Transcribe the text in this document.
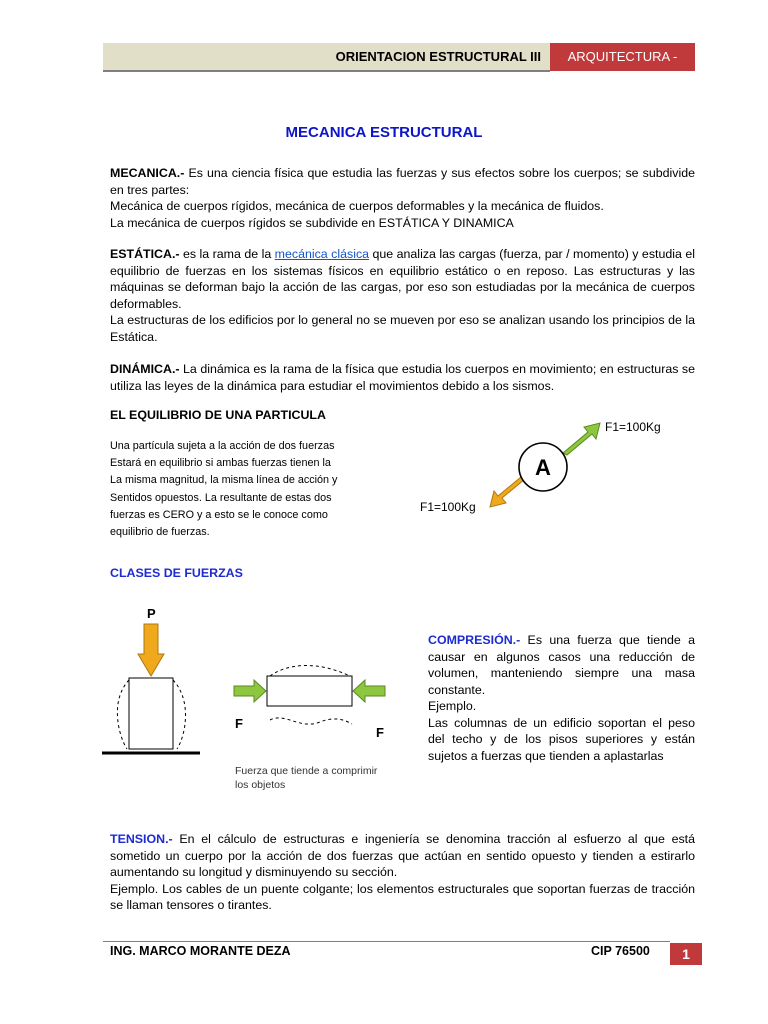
ORIENTACION ESTRUCTURAL III	ARQUITECTURA - UNIFE
MECANICA ESTRUCTURAL

MECANICA.- Es una ciencia física que estudia las fuerzas y sus efectos sobre los cuerpos; se subdivide en tres partes:
Mecánica de cuerpos rígidos, mecánica de cuerpos deformables y la mecánica de fluidos.
La mecánica de cuerpos rígidos se subdivide en ESTÁTICA Y DINAMICA

ESTÁTICA.- es la rama de la mecánica clásica que analiza las cargas (fuerza, par / momento) y estudia el equilibrio de fuerzas en los sistemas físicos en equilibrio estático o en reposo. Las estructuras y las máquinas se deforman bajo la acción de las cargas, por eso son estudiadas por la mecánica de cuerpos deformables.
La estructuras de los edificios por lo general no se mueven por eso se analizan usando los principios de la Estática.

DINÁMICA.- La dinámica es la rama de la física que estudia los cuerpos en movimiento; en estructuras se utiliza las leyes de la dinámica para estudiar el movimientos debido a los sismos.

EL EQUILIBRIO DE UNA PARTICULA
Una partícula sujeta a la acción de dos fuerzas
Estará en equilibrio si ambas fuerzas tienen la
La misma magnitud, la misma línea de acción y
Sentidos opuestos. La resultante de estas dos
fuerzas es CERO y a esto se le conoce como
equilibrio de fuerzas.
A
F1=100Kg
F1=100Kg
CLASES DE FUERZAS
P
F
F
Fuerza que tiende a comprimir
los objetos

COMPRESIÓN.- Es una fuerza que tiende a causar en algunos casos una reducción de volumen, manteniendo siempre una masa constante.
Ejemplo.
Las columnas de un edificio soportan el peso del techo y de los pisos superiores y están sujetos a fuerzas que tienden a aplastarlas

TENSION.- En el cálculo de estructuras e ingeniería se denomina tracción al esfuerzo al que está sometido un cuerpo por la acción de dos fuerzas que actúan en sentido opuesto y tienden a estirarlo aumentando su longitud y disminuyendo su sección.
Ejemplo. Los cables de un puente colgante; los elementos estructurales que soportan fuerzas de tracción se llaman tensores o tirantes.

ING. MARCO MORANTE DEZA	CIP 76500	1
